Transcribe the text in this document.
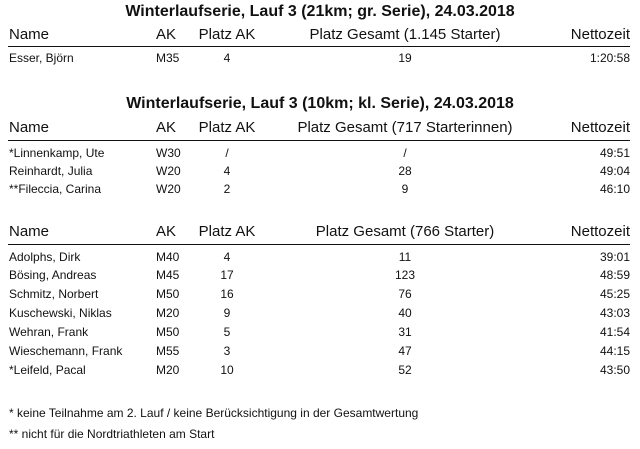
Winterlaufserie, Lauf 3 (21km; gr. Serie), 24.03.2018
Name	AK	Platz AK	Platz Gesamt (1.145 Starter)	Nettozeit
Esser, Björn	M35	4	19	1:20:58
Winterlaufserie, Lauf 3 (10km; kl. Serie), 24.03.2018
Name	AK	Platz AK	Platz Gesamt (717 Starterinnen)	Nettozeit
*Linnenkamp, Ute	W30	/	/	49:51
Reinhardt, Julia	W20	4	28	49:04
**Fileccia, Carina	W20	2	9	46:10
Name	AK	Platz AK	Platz Gesamt (766 Starter)	Nettozeit
Adolphs, Dirk	M40	4	11	39:01
Bösing, Andreas	M45	17	123	48:59
Schmitz, Norbert	M50	16	76	45:25
Kuschewski, Niklas	M20	9	40	43:03
Wehran, Frank	M50	5	31	41:54
Wieschemann, Frank	M55	3	47	44:15
*Leifeld, Pacal	M20	10	52	43:50
* keine Teilnahme am 2. Lauf / keine Berücksichtigung in der Gesamtwertung
** nicht für die Nordtriathleten am Start
